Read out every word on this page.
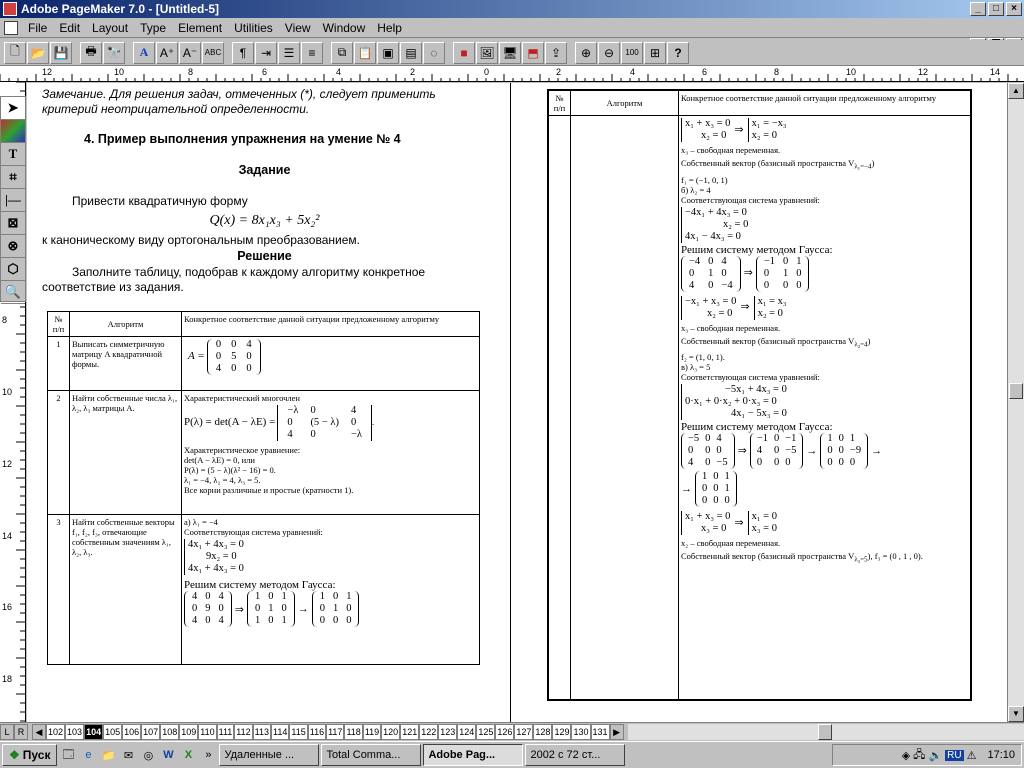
Adobe PageMaker 7.0 - [Untitled-5]	_	□	×
File	Edit	Layout	Type	Element	Utilities	View	Window	Help
🗋 📂 💾	🖶 🔭	A A⁺ A⁻ ABC	¶	⇥	☰	≡	⧉ 📋 ▣ ▤	◌	■ 🖼 🖥 ⬒	⇪	⊕	⊖	100 ⊞	?
12	10	8	6	4	2	0	2	4	6	8	10	12	14
8
10
12
14
16
18
➤
T
⌗
|—
⊠
⊗
⬡
🔍
Замечание. Для решения задач, отмеченных (*), следует применить критерий неотрицательной определенности.
4. Пример выполнения упражнения на умение № 4
Задание
Привести квадратичную форму
Q(x) = 8x₁x₃ + 5x₂²
к каноническому виду ортогональным преобразованием.
Решение
Заполните таблицу, подобрав к каждому алгоритму конкретное соответствие из задания.
№ п/п	Алгоритм	Конкретное соответствие данной ситуации предложенному алгоритму
1	Выписать симметричную матрицу A квадратичной формы.	A =
0	0	4
0	5	0
4	0	0

2	Найти собственные числа λ₁, λ₂, λ₃ матрицы A.	
Характеристический многочлен
P(λ) = det(A − λE) =
−λ	0	4
0	(5 − λ)	0
4	0	−λ
.
Характеристическое уравнение:
det(A − λE) = 0, или
P(λ) = (5 − λ)(λ² − 16) = 0.
λ₁ = −4, λ₂ = 4, λ₃ = 5.
Все корни различные и простые (кратности 1).

3	Найти собственные векторы f₁, f₂, f₃, отвечающие собственным значениям λ₁, λ₂, λ₃.	
а) λ₁ = −4
Соответствующая система уравнений:
4x₁ + 4x₃ = 0
9x₂ = 0
4x₁ + 4x₃ = 0
Решим систему методом Гаусса:
4	0	4
0	9	0
4	0	4
⇒
1	0	1
0	1	0
1	0	1
→
1	0	1
0	1	0
0	0	0
№ п/п	Алгоритм	Конкретное соответствие данной ситуации предложенному алгоритму

x₁ + x₃ = 0
x₂ = 0 ⇒ x₁ = −x₃
x₂ = 0
x₃ – свободная переменная.
Собственный вектор (базисный пространства $V_{\lambda_1=-4}$)
f₁ = (−1, 0, 1)
б) λ₂ = 4
Соответствующая система уравнений:
−4x₁ + 4x₃ = 0
x₂ = 0
4x₁ − 4x₃ = 0
Решим систему методом Гаусса:
−4	0	4
0	1	0
4	0	−4
⇒
−1	0	1
0	1	0
0	0	0
−x₁ + x₃ = 0
x₂ = 0 ⇒ x₁ = x₃
x₂ = 0
x₃ – свободная переменная.
Собственный вектор (базисный пространства $V_{\lambda_2=4}$)
f₂ = (1, 0, 1).
в) λ₃ = 5
Соответствующая система уравнений:
−5x₁ + 4x₃ = 0
0·x₁ + 0·x₂ + 0·x₃ = 0
4x₁ − 5x₃ = 0
Решим систему методом Гаусса:
−5	0	4
0	0	0
4	0	−5
⇒
−1	0	−1
4	0	−5
0	0	0
→
1	0	1
0	0	−9
0	0	0
→
→
1	0	1
0	0	1
0	0	0
x₁ + x₃ = 0
x₃ = 0 ⇒ x₁ = 0
x₃ = 0
x₂ – свободная переменная.
Собственный вектор (базисный пространства $V_{\lambda_3=5}$), f₃ = (0 , 1 , 0).
▲
▼
L R	◀ 102 103 104 105 106 107 108 109 110 111 112 113 114 115 116 117 118 119 120 121 122 123 124 125 126 127 128 129 130 131 ▶
❖ Пуск 🗔 e 📁 ✉ ◎ W	X	»	Удаленные ...	Total Comma...	Adobe Pag...	2002 с 72 ст...	◈ 🖧 🔊 RU ⚠ 17:10
